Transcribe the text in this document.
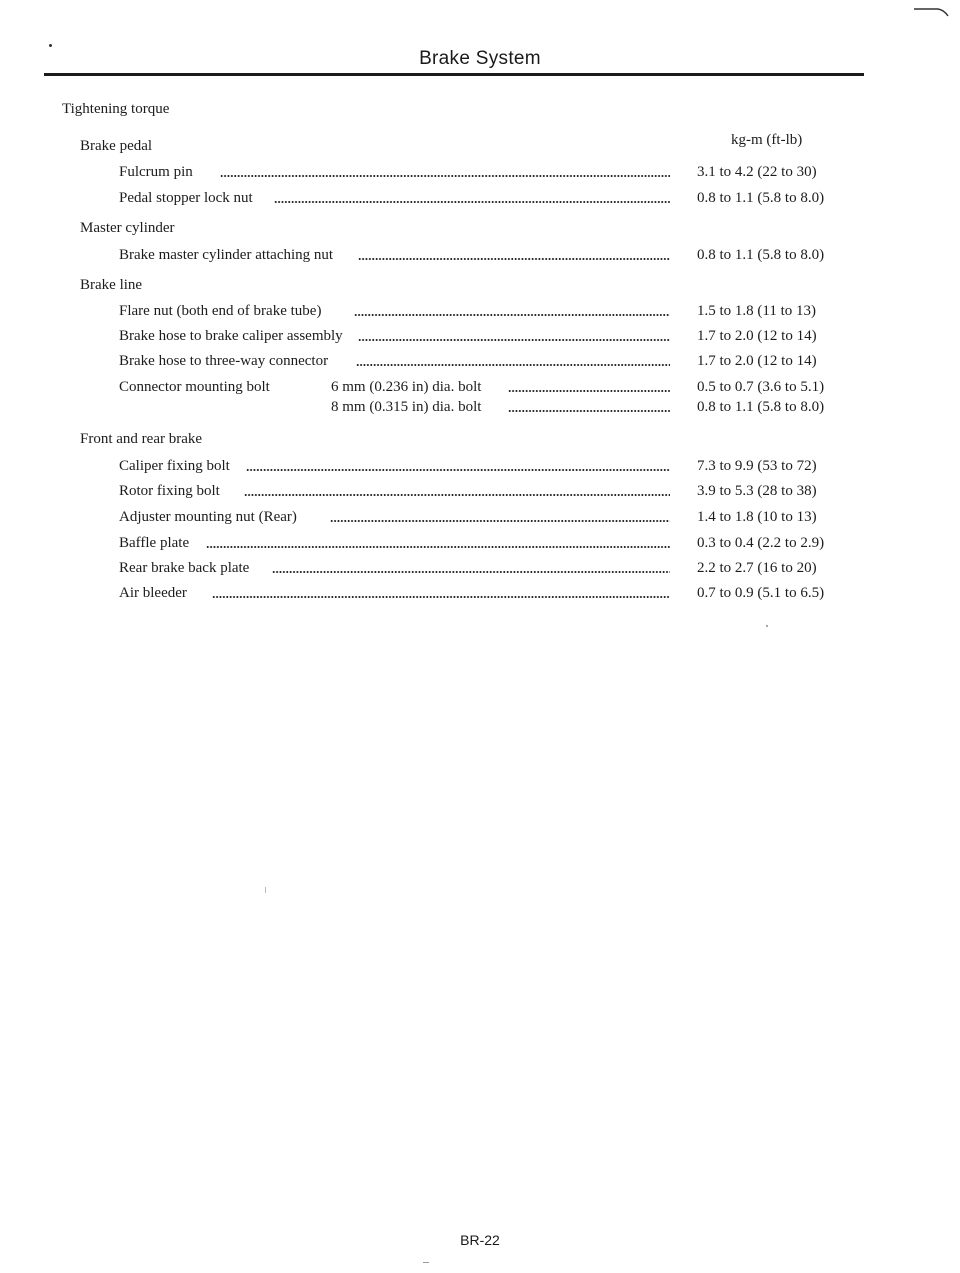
Brake System
Tightening torque
kg-m (ft-lb)
Brake pedal
Fulcrum pin	3.1 to 4.2 (22 to 30)
Pedal stopper lock nut	0.8 to 1.1 (5.8 to 8.0)
Master cylinder
Brake master cylinder attaching nut	0.8 to 1.1 (5.8 to 8.0)
Brake line
Flare nut (both end of brake tube)	1.5 to 1.8 (11 to 13)
Brake hose to brake caliper assembly	1.7 to 2.0 (12 to 14)
Brake hose to three-way connector	1.7 to 2.0 (12 to 14)
Connector mounting bolt	6 mm (0.236 in) dia. bolt	0.5 to 0.7 (3.6 to 5.1)
8 mm (0.315 in) dia. bolt	0.8 to 1.1 (5.8 to 8.0)
Front and rear brake
Caliper fixing bolt	7.3 to 9.9 (53 to 72)
Rotor fixing bolt	3.9 to 5.3 (28 to 38)
Adjuster mounting nut (Rear)	1.4 to 1.8 (10 to 13)
Baffle plate	0.3 to 0.4 (2.2 to 2.9)
Rear brake back plate	2.2 to 2.7 (16 to 20)
Air bleeder	0.7 to 0.9 (5.1 to 6.5)
BR-22
